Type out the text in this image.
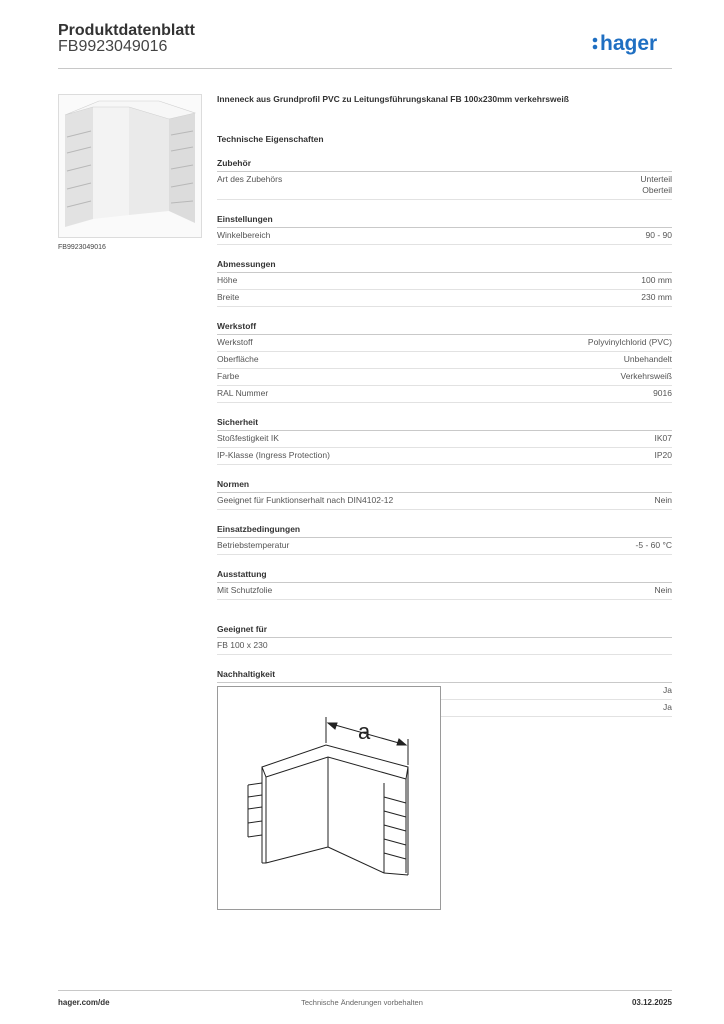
Produktdatenblatt
FB9923049016	hager
FB9923049016
Inneneck aus Grundprofil PVC zu Leitungsführungskanal FB 100x230mm verkehrsweiß
Technische Eigenschaften
Zubehör
Art des Zubehörs	Unterteil
Oberteil
Einstellungen
Winkelbereich	90 - 90
Abmessungen
Höhe	100 mm
Breite	230 mm
Werkstoff
Werkstoff	Polyvinylchlorid (PVC)
Oberfläche	Unbehandelt
Farbe	Verkehrsweiß
RAL Nummer	9016
Sicherheit
Stoßfestigkeit IK	IK07
IP-Klasse (Ingress Protection)	IP20
Normen
Geeignet für Funktionserhalt nach DIN4102-12	Nein
Einsatzbedingungen
Betriebstemperatur	-5 - 60 °C
Ausstattung
Mit Schutzfolie	Nein
Geeignet für
FB 100 x 230
Nachhaltigkeit
Ja
Ja
a
hager.com/de	Technische Änderungen vorbehalten	03.12.2025
